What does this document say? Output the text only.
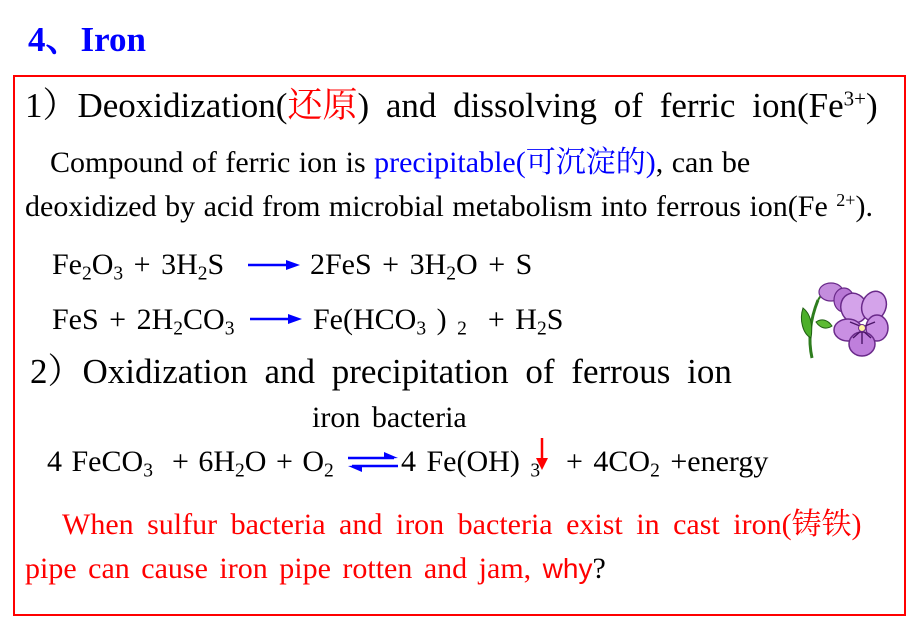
4、Iron
1）Deoxidization(还原) and dissolving of ferric $ion(Fe^{3+})$
Compound of ferric ion is precipitable(可沉淀的), can be
deoxidized by acid from microbial metabolism into ferrous ion(Fe $^{2+}$).
$Fe_2O_3 + 3H_2S$	$2FeS + 3H_2O + S$
FeS + $2H_2CO_3$	$Fe(HCO_3$ ) $_2 + H_2S$
2）Oxidization and precipitation of ferrous ion
iron bacteria
4 FeCO$_3$  + $6H_2O + O_2$ ⇌ 4 Fe(OH) $_3 + 4CO_2$ +energy
When sulfur bacteria and iron bacteria exist in cast iron(铸铁)
pipe can cause iron pipe rotten and jam, why?
